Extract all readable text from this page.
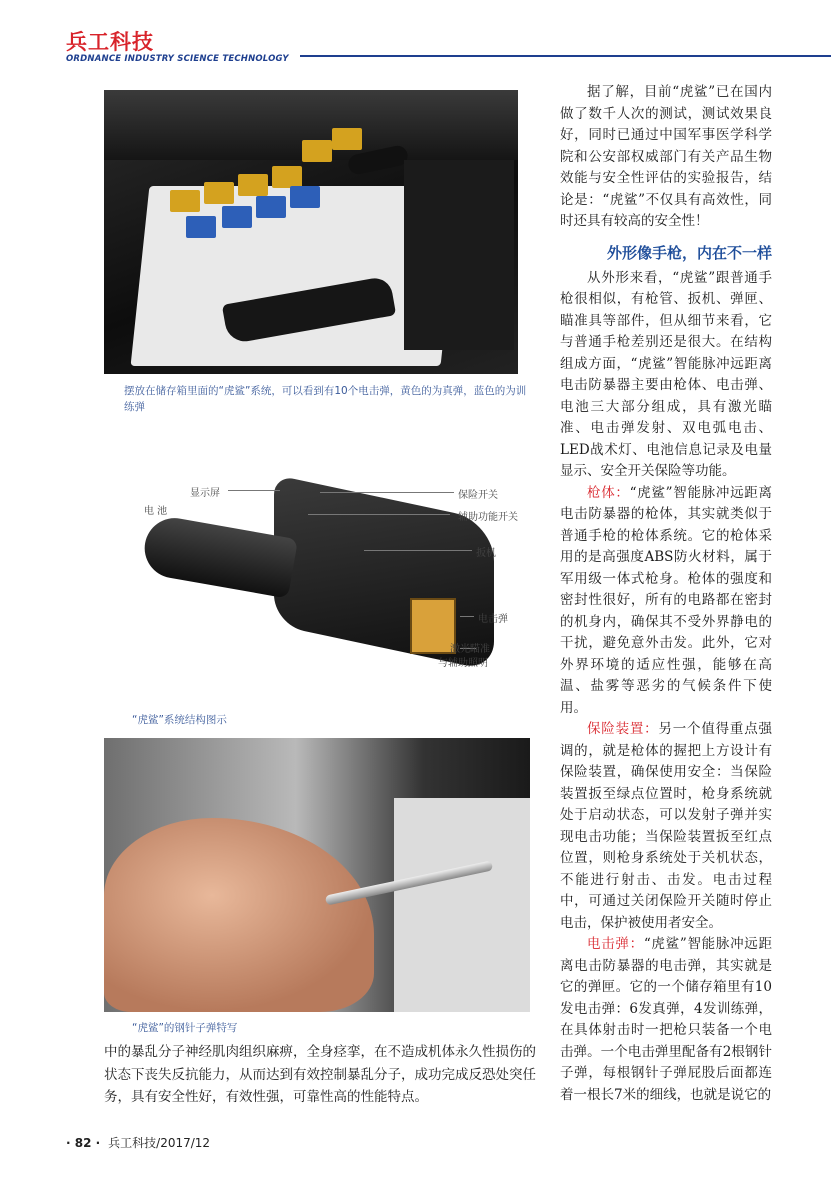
兵工科技
ORDNANCE INDUSTRY SCIENCE TECHNOLOGY
摆放在储存箱里面的“虎鲨”系统，可以看到有10个电击弹，黄色的为真弹，蓝色的为训练弹
显示屏
电 池
保险开关
辅助功能开关
扳机
电击弹
激光瞄准
与辅助照明
“虎鲨”系统结构图示
“虎鲨”的钢针子弹特写
中的暴乱分子神经肌肉组织麻痹，全身痉挛，在不造成机体永久性损伤的状态下丧失反抗能力，从而达到有效控制暴乱分子，成功完成反恐处突任务，具有安全性好，有效性强，可靠性高的性能特点。

据了解，目前“虎鲨”已在国内做了数千人次的测试，测试效果良好，同时已通过中国军事医学科学院和公安部权威部门有关产品生物效能与安全性评估的实验报告，结论是：“虎鲨”不仅具有高效性，同时还具有较高的安全性！

外形像手枪，内在不一样

从外形来看，“虎鲨”跟普通手枪很相似，有枪管、扳机、弹匣、瞄准具等部件，但从细节来看，它与普通手枪差别还是很大。在结构组成方面，“虎鲨”智能脉冲远距离电击防暴器主要由枪体、电击弹、电池三大部分组成，具有激光瞄准、电击弹发射、双电弧电击、LED战术灯、电池信息记录及电量显示、安全开关保险等功能。

枪体：“虎鲨”智能脉冲远距离电击防暴器的枪体，其实就类似于普通手枪的枪体系统。它的枪体采用的是高强度ABS防火材料，属于军用级一体式枪身。枪体的强度和密封性很好，所有的电路都在密封的机身内，确保其不受外界静电的干扰，避免意外击发。此外，它对外界环境的适应性强，能够在高温、盐雾等恶劣的气候条件下使用。

保险装置：另一个值得重点强调的，就是枪体的握把上方设计有保险装置，确保使用安全：当保险装置扳至绿点位置时，枪身系统就处于启动状态，可以发射子弹并实现电击功能；当保险装置扳至红点位置，则枪身系统处于关机状态，不能进行射击、击发。电击过程中，可通过关闭保险开关随时停止电击，保护被使用者安全。

电击弹：“虎鲨”智能脉冲远距离电击防暴器的电击弹，其实就是它的弹匣。它的一个储存箱里有10发电击弹：6发真弹，4发训练弹，在具体射击时一把枪只装备一个电击弹。一个电击弹里配备有2根钢针子弹，每根钢针子弹屁股后面都连着一根长7米的细线，也就是说它的

· 82 · 兵工科技/2017/12
